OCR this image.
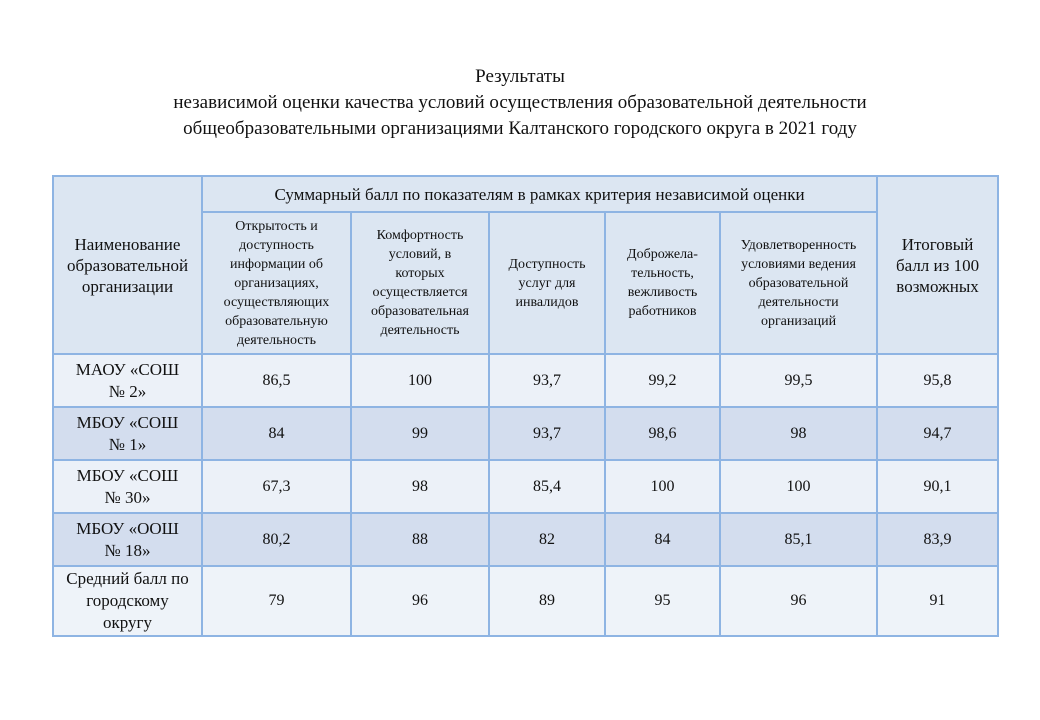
Результаты
независимой оценки качества условий осуществления образовательной деятельности
общеобразовательными организациями Калтанского городского округа в 2021 году
Наименование образовательной организации	Суммарный балл по показателям в рамках критерия независимой оценки					Итоговый балл из 100 возможных
	Открытость и доступность информации об организациях, осуществляющих образовательную деятельность	Комфортность условий, в которых осуществляется образовательная деятельность	Доступность услуг для инвалидов	Доброжела-тельность, вежливость работников	Удовлетворенность условиями ведения образовательной деятельности организаций	
МАОУ «СОШ № 2»	86,5	100	93,7	99,2	99,5	95,8
МБОУ «СОШ № 1»	84	99	93,7	98,6	98	94,7
МБОУ «СОШ № 30»	67,3	98	85,4	100	100	90,1
МБОУ «ООШ № 18»	80,2	88	82	84	85,1	83,9
Средний балл по городскому округу	79	96	89	95	96	91
